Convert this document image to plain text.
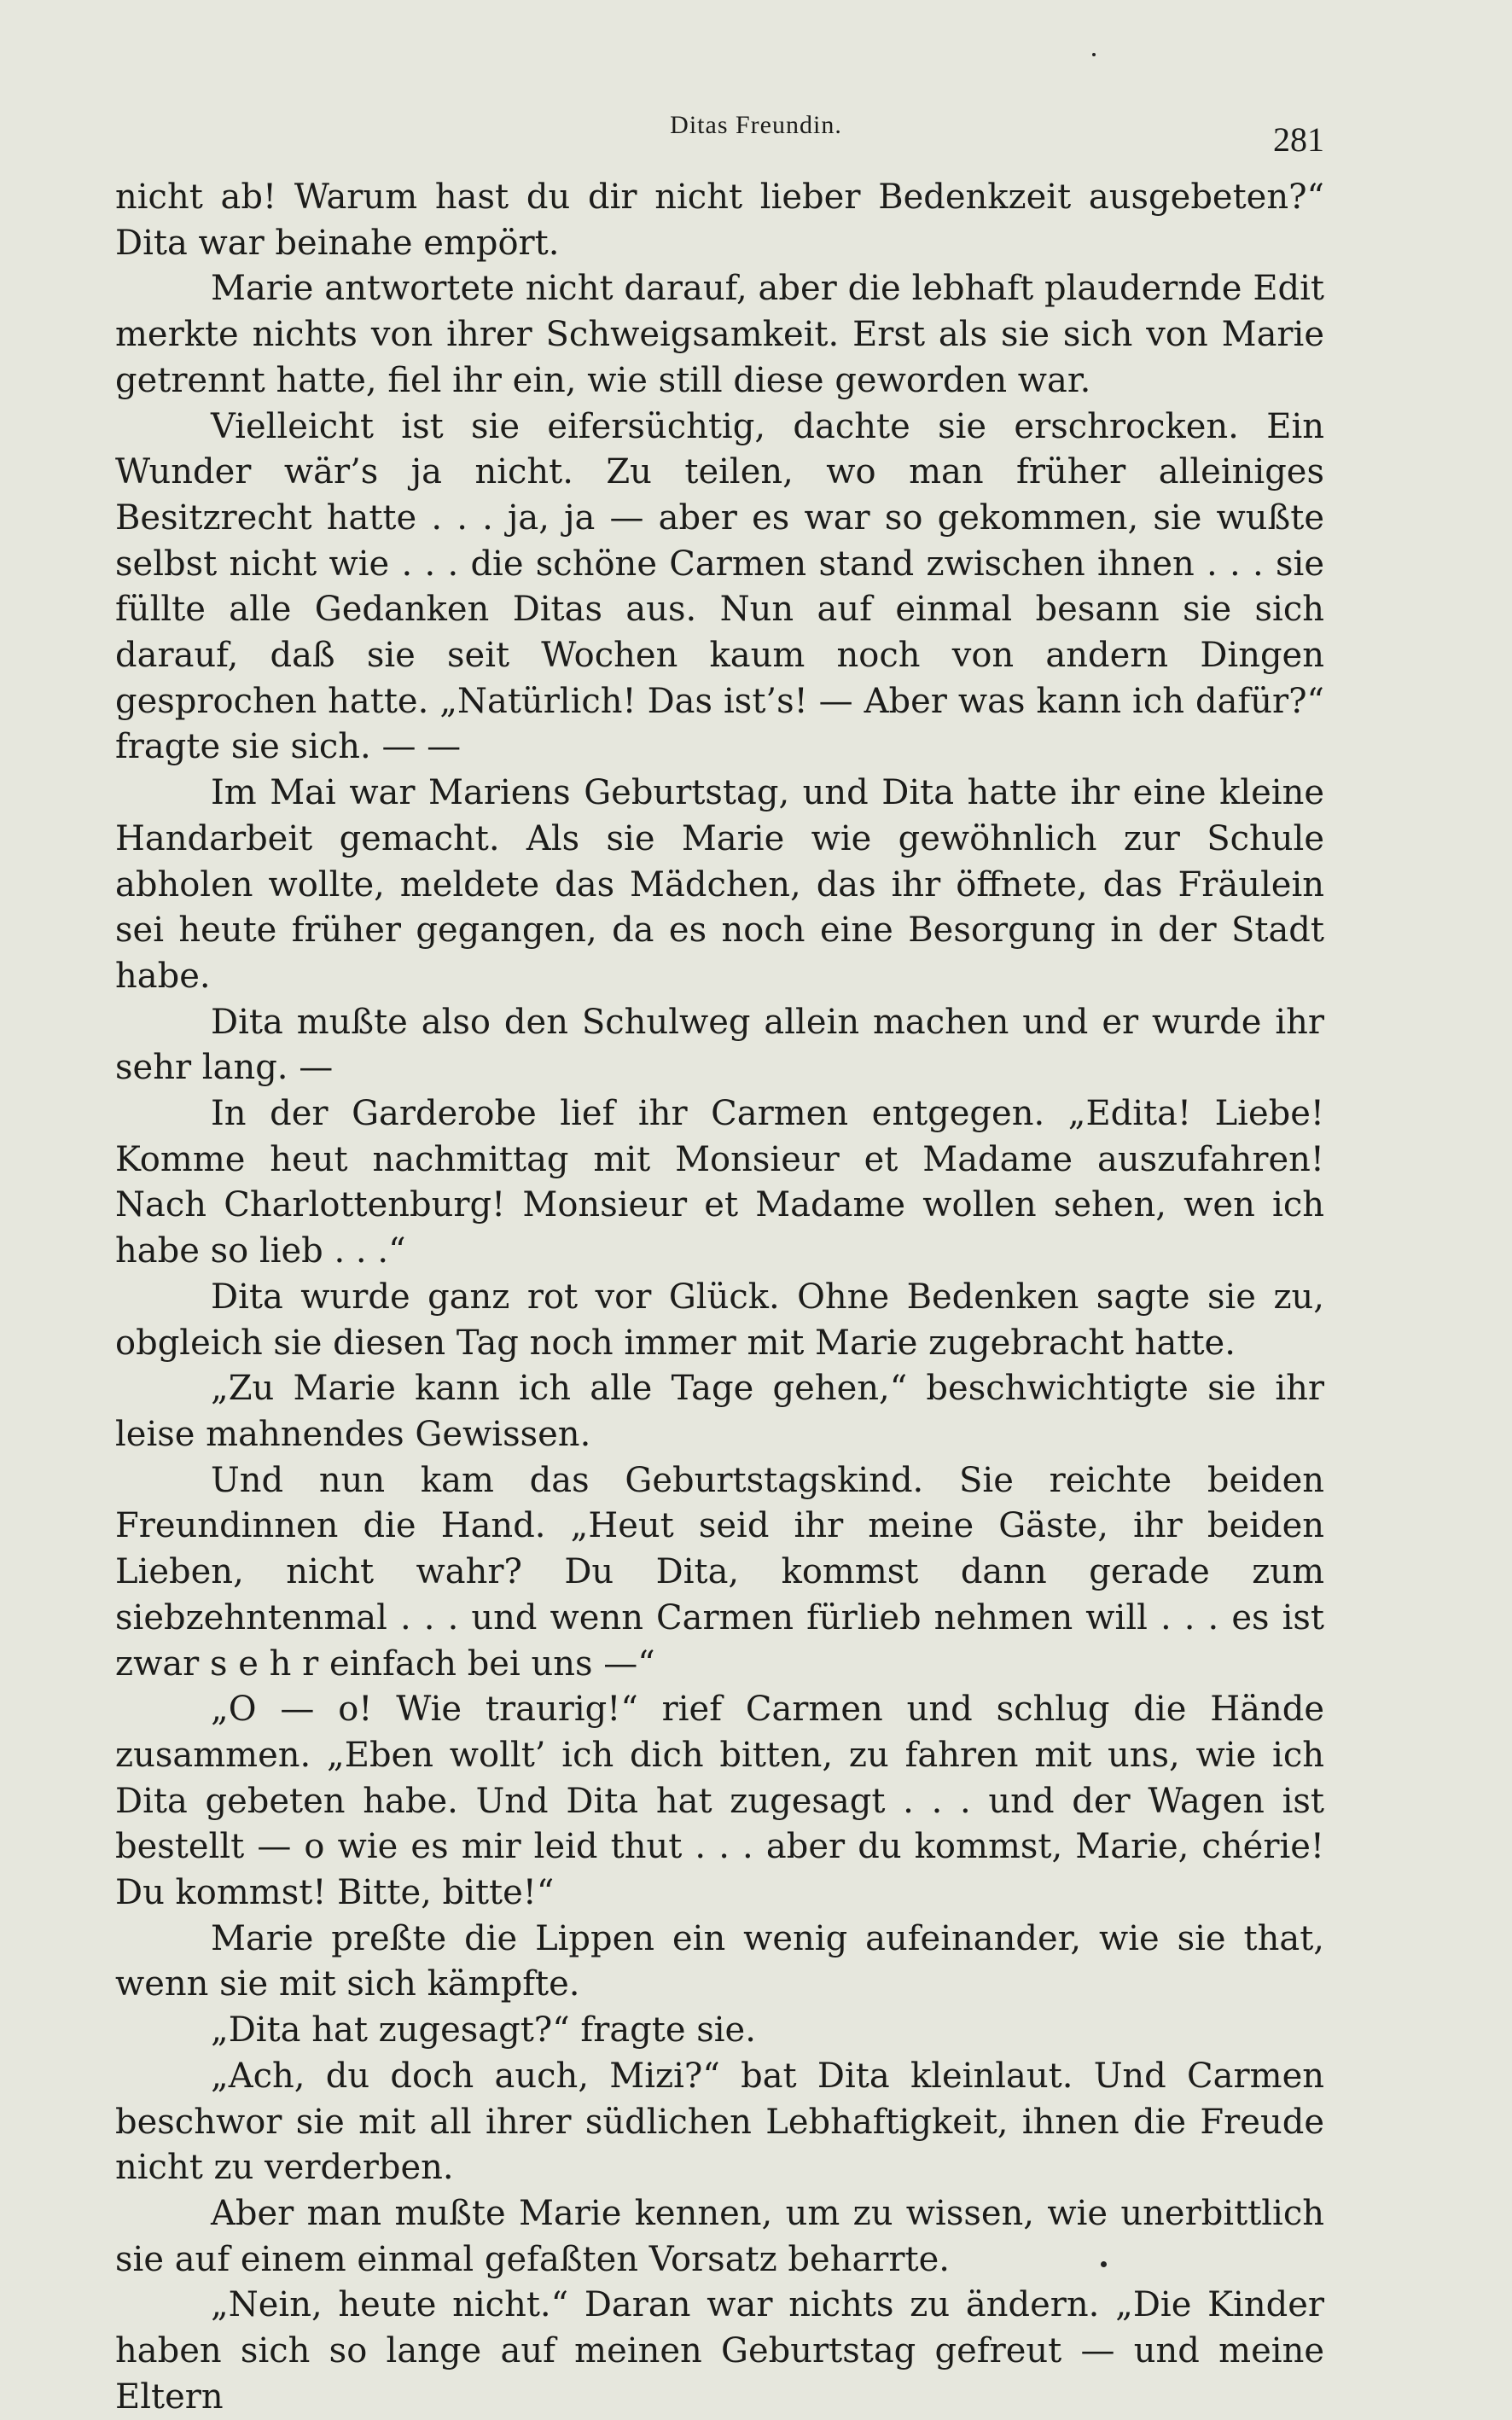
Ditas Freundin.	281

nicht ab! Warum hast du dir nicht lieber Bedenkzeit ausgebeten?“ Dita war beinahe empört.

Marie antwortete nicht darauf, aber die lebhaft plaudernde Edit merkte nichts von ihrer Schweigsamkeit. Erst als sie sich von Marie getrennt hatte, fiel ihr ein, wie still diese geworden war.

Vielleicht ist sie eifersüchtig, dachte sie erschrocken. Ein Wunder wär’s ja nicht. Zu teilen, wo man früher alleiniges Besitzrecht hatte . . . ja, ja — aber es war so gekommen, sie wußte selbst nicht wie . . . die schöne Carmen stand zwischen ihnen . . . sie füllte alle Gedanken Ditas aus. Nun auf einmal besann sie sich darauf, daß sie seit Wochen kaum noch von andern Dingen gesprochen hatte. „Natürlich! Das ist’s! — Aber was kann ich dafür?“ fragte sie sich. — —

Im Mai war Mariens Geburtstag, und Dita hatte ihr eine kleine Handarbeit gemacht. Als sie Marie wie gewöhnlich zur Schule abholen wollte, meldete das Mädchen, das ihr öffnete, das Fräulein sei heute früher gegangen, da es noch eine Besorgung in der Stadt habe.

Dita mußte also den Schulweg allein machen und er wurde ihr sehr lang. —

In der Garderobe lief ihr Carmen entgegen. „Edita! Liebe! Komme heut nachmittag mit Monsieur et Madame auszufahren! Nach Charlottenburg! Monsieur et Madame wollen sehen, wen ich habe so lieb . . .“

Dita wurde ganz rot vor Glück. Ohne Bedenken sagte sie zu, obgleich sie diesen Tag noch immer mit Marie zugebracht hatte.

„Zu Marie kann ich alle Tage gehen,“ beschwichtigte sie ihr leise mahnendes Gewissen.

Und nun kam das Geburtstagskind. Sie reichte beiden Freundinnen die Hand. „Heut seid ihr meine Gäste, ihr beiden Lieben, nicht wahr? Du Dita, kommst dann gerade zum siebzehntenmal . . . und wenn Carmen fürlieb nehmen will . . . es ist zwar s e h r einfach bei uns —“

„O — o! Wie traurig!“ rief Carmen und schlug die Hände zusammen. „Eben wollt’ ich dich bitten, zu fahren mit uns, wie ich Dita gebeten habe. Und Dita hat zugesagt . . . und der Wagen ist bestellt — o wie es mir leid thut . . . aber du kommst, Marie, chérie! Du kommst! Bitte, bitte!“

Marie preßte die Lippen ein wenig aufeinander, wie sie that, wenn sie mit sich kämpfte.

„Dita hat zugesagt?“ fragte sie.

„Ach, du doch auch, Mizi?“ bat Dita kleinlaut. Und Carmen beschwor sie mit all ihrer südlichen Lebhaftigkeit, ihnen die Freude nicht zu verderben.

Aber man mußte Marie kennen, um zu wissen, wie unerbittlich sie auf einem einmal gefaßten Vorsatz beharrte.

„Nein, heute nicht.“ Daran war nichts zu ändern. „Die Kinder haben sich so lange auf meinen Geburtstag gefreut — und meine Eltern
